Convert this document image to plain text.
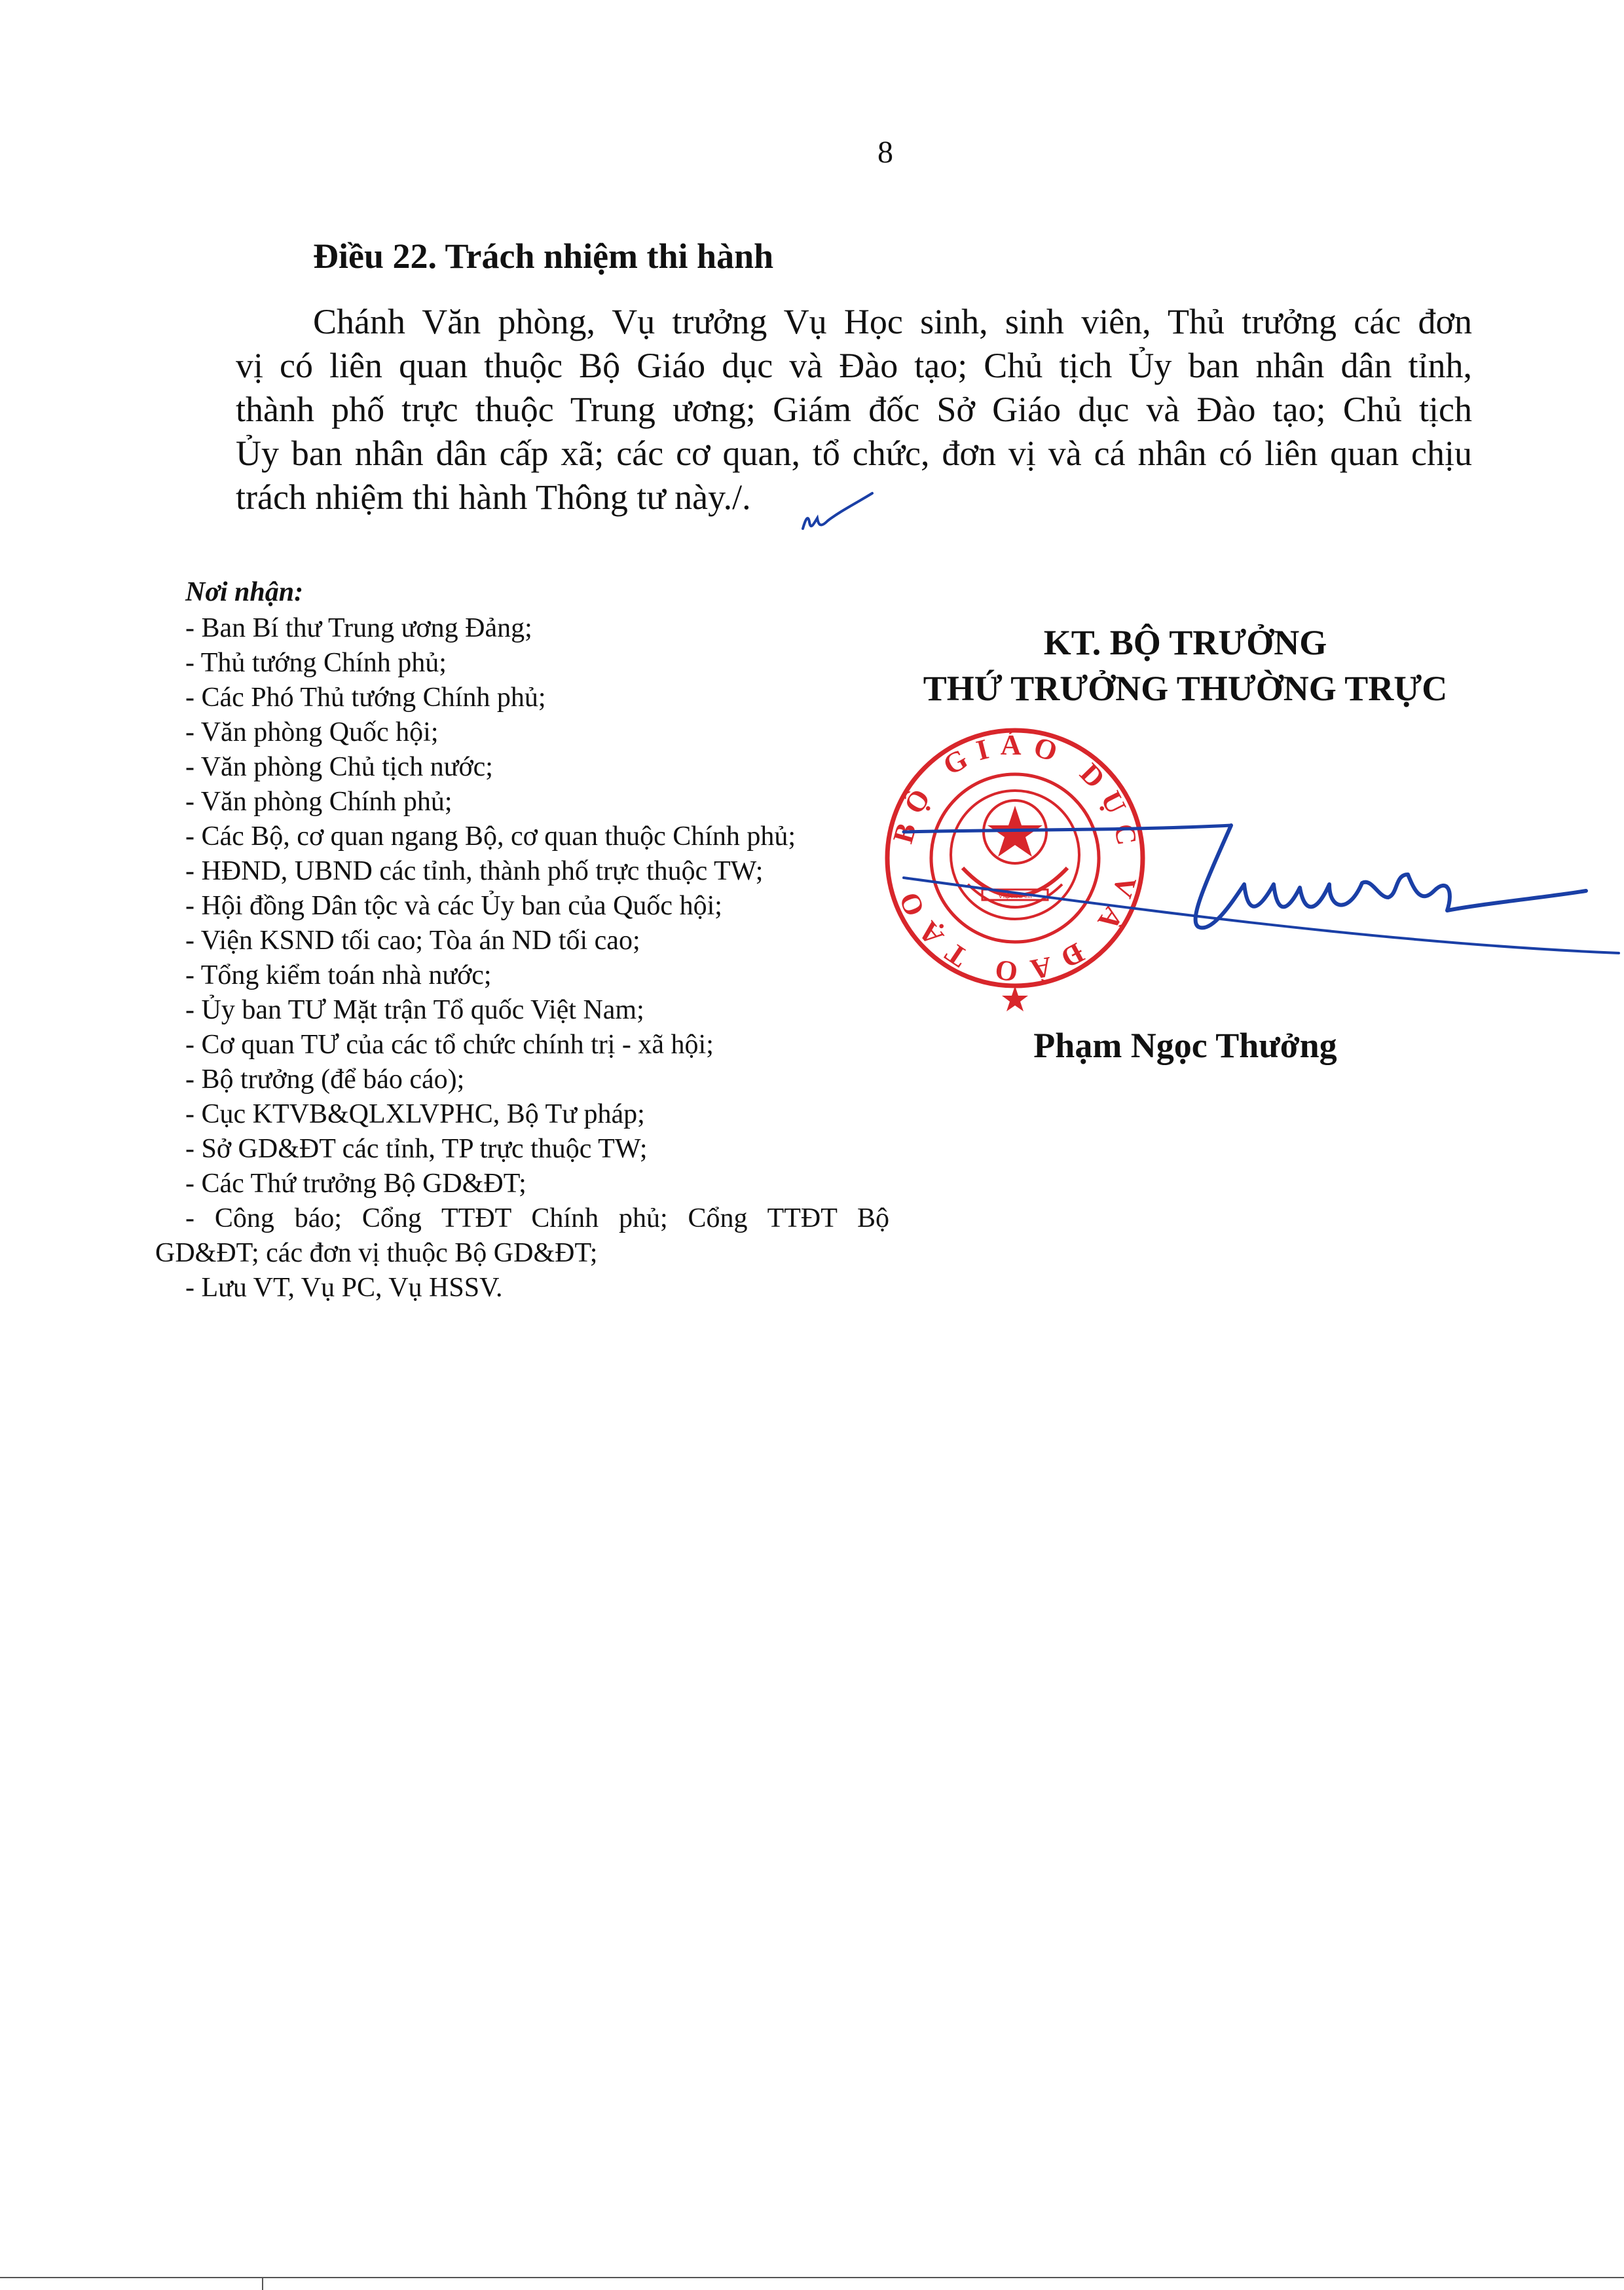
8
Điều 22. Trách nhiệm thi hành
Chánh Văn phòng, Vụ trưởng Vụ Học sinh, sinh viên, Thủ trưởng các đơn
vị có liên quan thuộc Bộ Giáo dục và Đào tạo; Chủ tịch Ủy ban nhân dân tỉnh,
thành phố trực thuộc Trung ương; Giám đốc Sở Giáo dục và Đào tạo; Chủ tịch
Ủy ban nhân dân cấp xã; các cơ quan, tổ chức, đơn vị và cá nhân có liên quan chịu
trách nhiệm thi hành Thông tư này./.
Nơi nhận:
- Ban Bí thư Trung ương Đảng;
- Thủ tướng Chính phủ;
- Các Phó Thủ tướng Chính phủ;
- Văn phòng Quốc hội;
- Văn phòng Chủ tịch nước;
- Văn phòng Chính phủ;
- Các Bộ, cơ quan ngang Bộ, cơ quan thuộc Chính phủ;
- HĐND, UBND các tỉnh, thành phố trực thuộc TW;
- Hội đồng Dân tộc và các Ủy ban của Quốc hội;
- Viện KSND tối cao; Tòa án ND tối cao;
- Tổng kiểm toán nhà nước;
- Ủy ban TƯ Mặt trận Tổ quốc Việt Nam;
- Cơ quan TƯ của các tổ chức chính trị - xã hội;
- Bộ trưởng (để báo cáo);
- Cục KTVB&QLXLVPHC, Bộ Tư pháp;
- Sở GD&ĐT các tỉnh, TP trực thuộc TW;
- Các Thứ trưởng Bộ GD&ĐT;
- Công báo; Cổng TTĐT Chính phủ; Cổng TTĐT Bộ
GD&ĐT; các đơn vị thuộc Bộ GD&ĐT;
- Lưu VT, Vụ PC, Vụ HSSV.
KT. BỘ TRƯỞNG
THỨ TRƯỞNG THƯỜNG TRỰC
BỘ GIÁO DỤC VÀ ĐÀO TẠO	VIỆT NAM
Phạm Ngọc Thưởng
